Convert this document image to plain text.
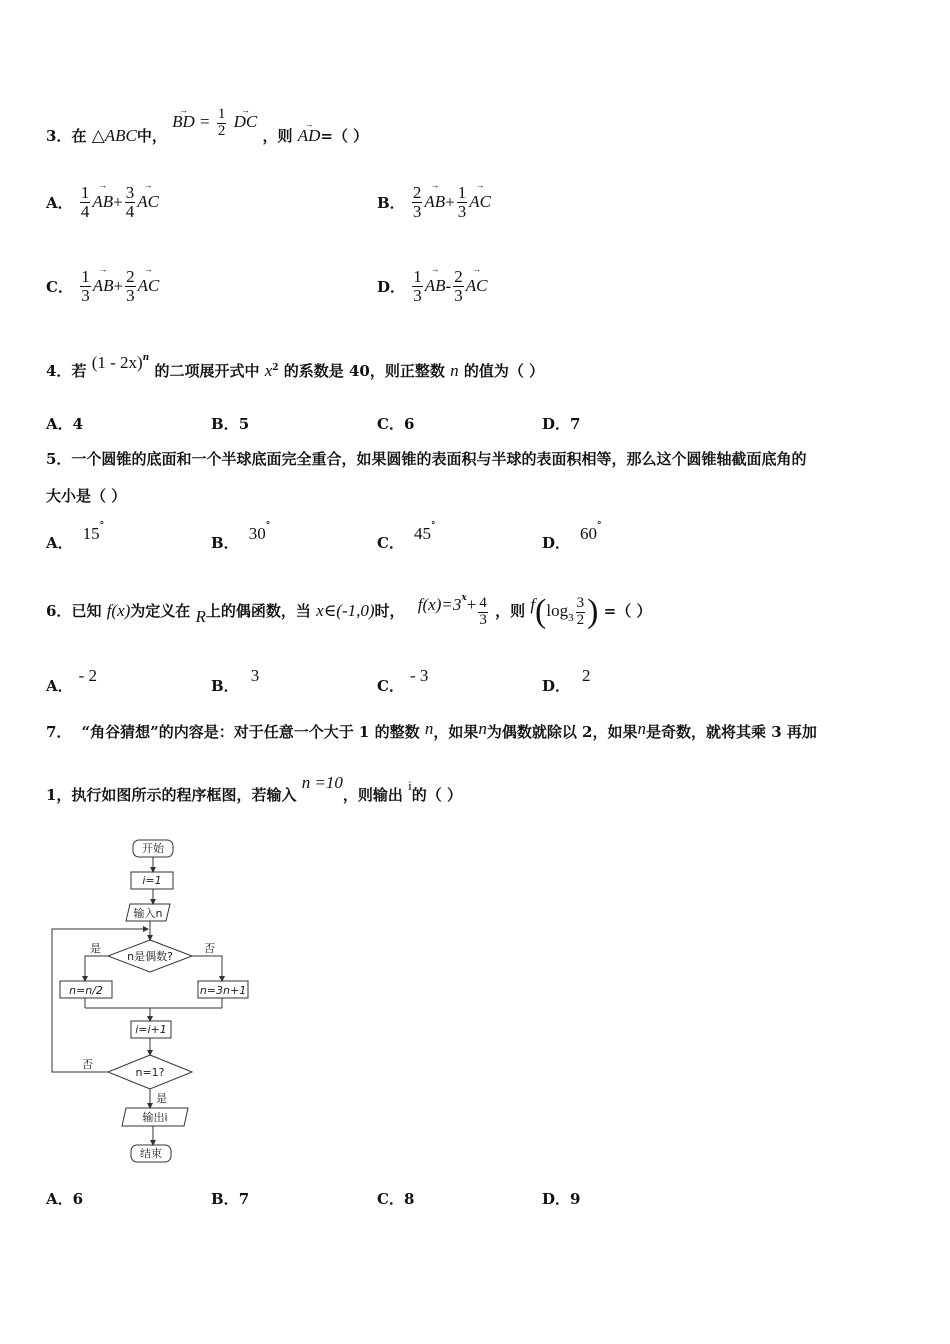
3．在 △ABC中， → BD = $\frac{1}{2}$
→ DC ，则 → AD=（ ）
A． $\frac{1}{4}$
→ $AB+ \frac{3}{4}$
→ AC	B． $\frac{2}{3}$
→ $AB+ \frac{1}{3}$
→ AC
C． $\frac{1}{3}$
→ $AB+ \frac{2}{3}$
→ AC	D． $\frac{1}{3}$
→ $AB- \frac{2}{3}$
→ AC
4．若 (1 - 2x)$^n$ 的二项展开式中 $x^2$ 的系数是 40，则正整数 n 的值为（ ）
A．4	B．5	C．6	D．7
5．一个圆锥的底面和一个半球底面完全重合，如果圆锥的表面积与半球的表面积相等，那么这个圆锥轴截面底角的
大小是（ ）
A． 15°
B． 30°
C． 45°
D． 60°
6．已知 f(x)为定义在 R上的偶函数，当 x∈(-1,0)时， $f(x)=3^x+ \frac{4}{3}$ ，则 $f(\log_3 \frac{3}{2}$ ) =（ ）
A．- 2
B．3
C．- 3
D．2
7． “角谷猜想”的内容是：对于任意一个大于 1 的整数 n，如果n为偶数就除以 2，如果n是奇数，就将其乘 3 再加
1，执行如图所示的程序框图，若输入 n =10，则输出 i的（ ）
开始
i=1
输入n
n是偶数?
是	否
n=n/2	n=3n+1
i=i+1
n=1?
否
是
输出i
结束
A．6	B．7	C．8	D．9
